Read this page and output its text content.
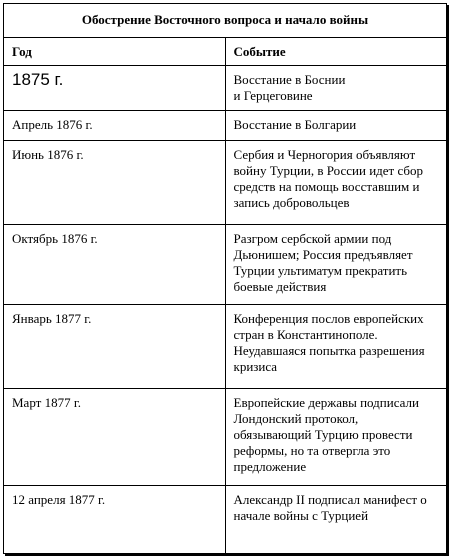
Обострение Восточного вопроса и начало войны	
Год	Событие
1875 г.	Восстание в Боснии
и Герцеговине
Апрель 1876 г.	Восстание в Болгарии
Июнь 1876 г.	Сербия и Черногория объявляют войну Турции, в России идет сбор средств на помощь восставшим и запись добровольцев
Октябрь 1876 г.	Разгром сербской армии под Дьюнишем; Россия предъявляет Турции ультиматум прекратить боевые действия
Январь 1877 г.	Конференция послов европейских стран в Константинополе.
Неудавшаяся попытка разрешения кризиса
Март 1877 г.	Европейские державы подписали Лондонский протокол, обязывающий Турцию провести реформы, но та отвергла это предложение
12 апреля 1877 г.	Александр II подписал манифест о начале войны с Турцией
